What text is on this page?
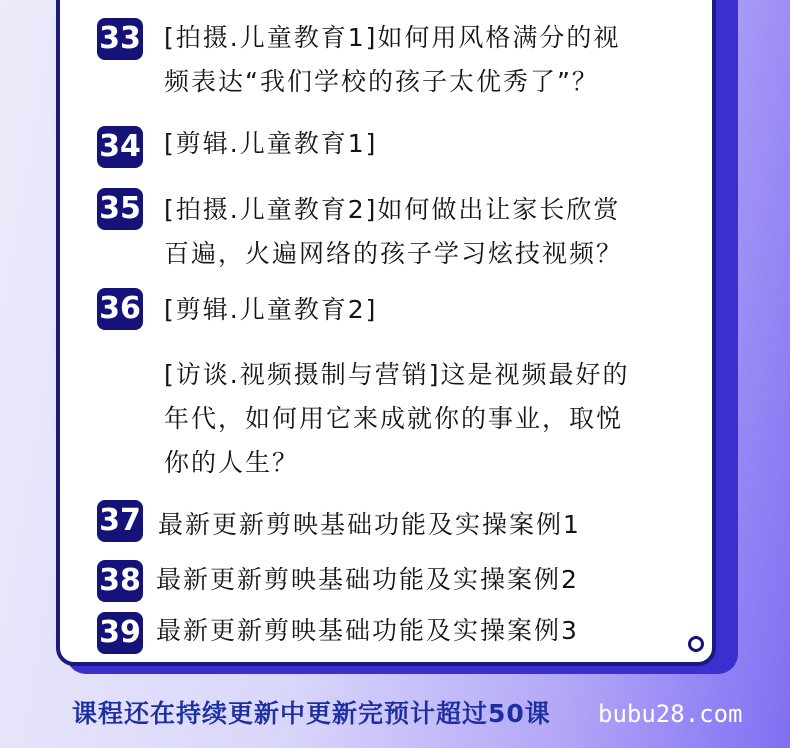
33 [拍摄.儿童教育1]如何用风格满分的视
频表达“我们学校的孩子太优秀了”？
34 [剪辑.儿童教育1]
35 [拍摄.儿童教育2]如何做出让家长欣赏
百遍，火遍网络的孩子学习炫技视频？
36 [剪辑.儿童教育2]
[访谈.视频摄制与营销]这是视频最好的
年代，如何用它来成就你的事业，取悦
你的人生？
37 最新更新剪映基础功能及实操案例1
38 最新更新剪映基础功能及实操案例2
39 最新更新剪映基础功能及实操案例3
课程还在持续更新中更新完预计超过50课 bubu28.com
